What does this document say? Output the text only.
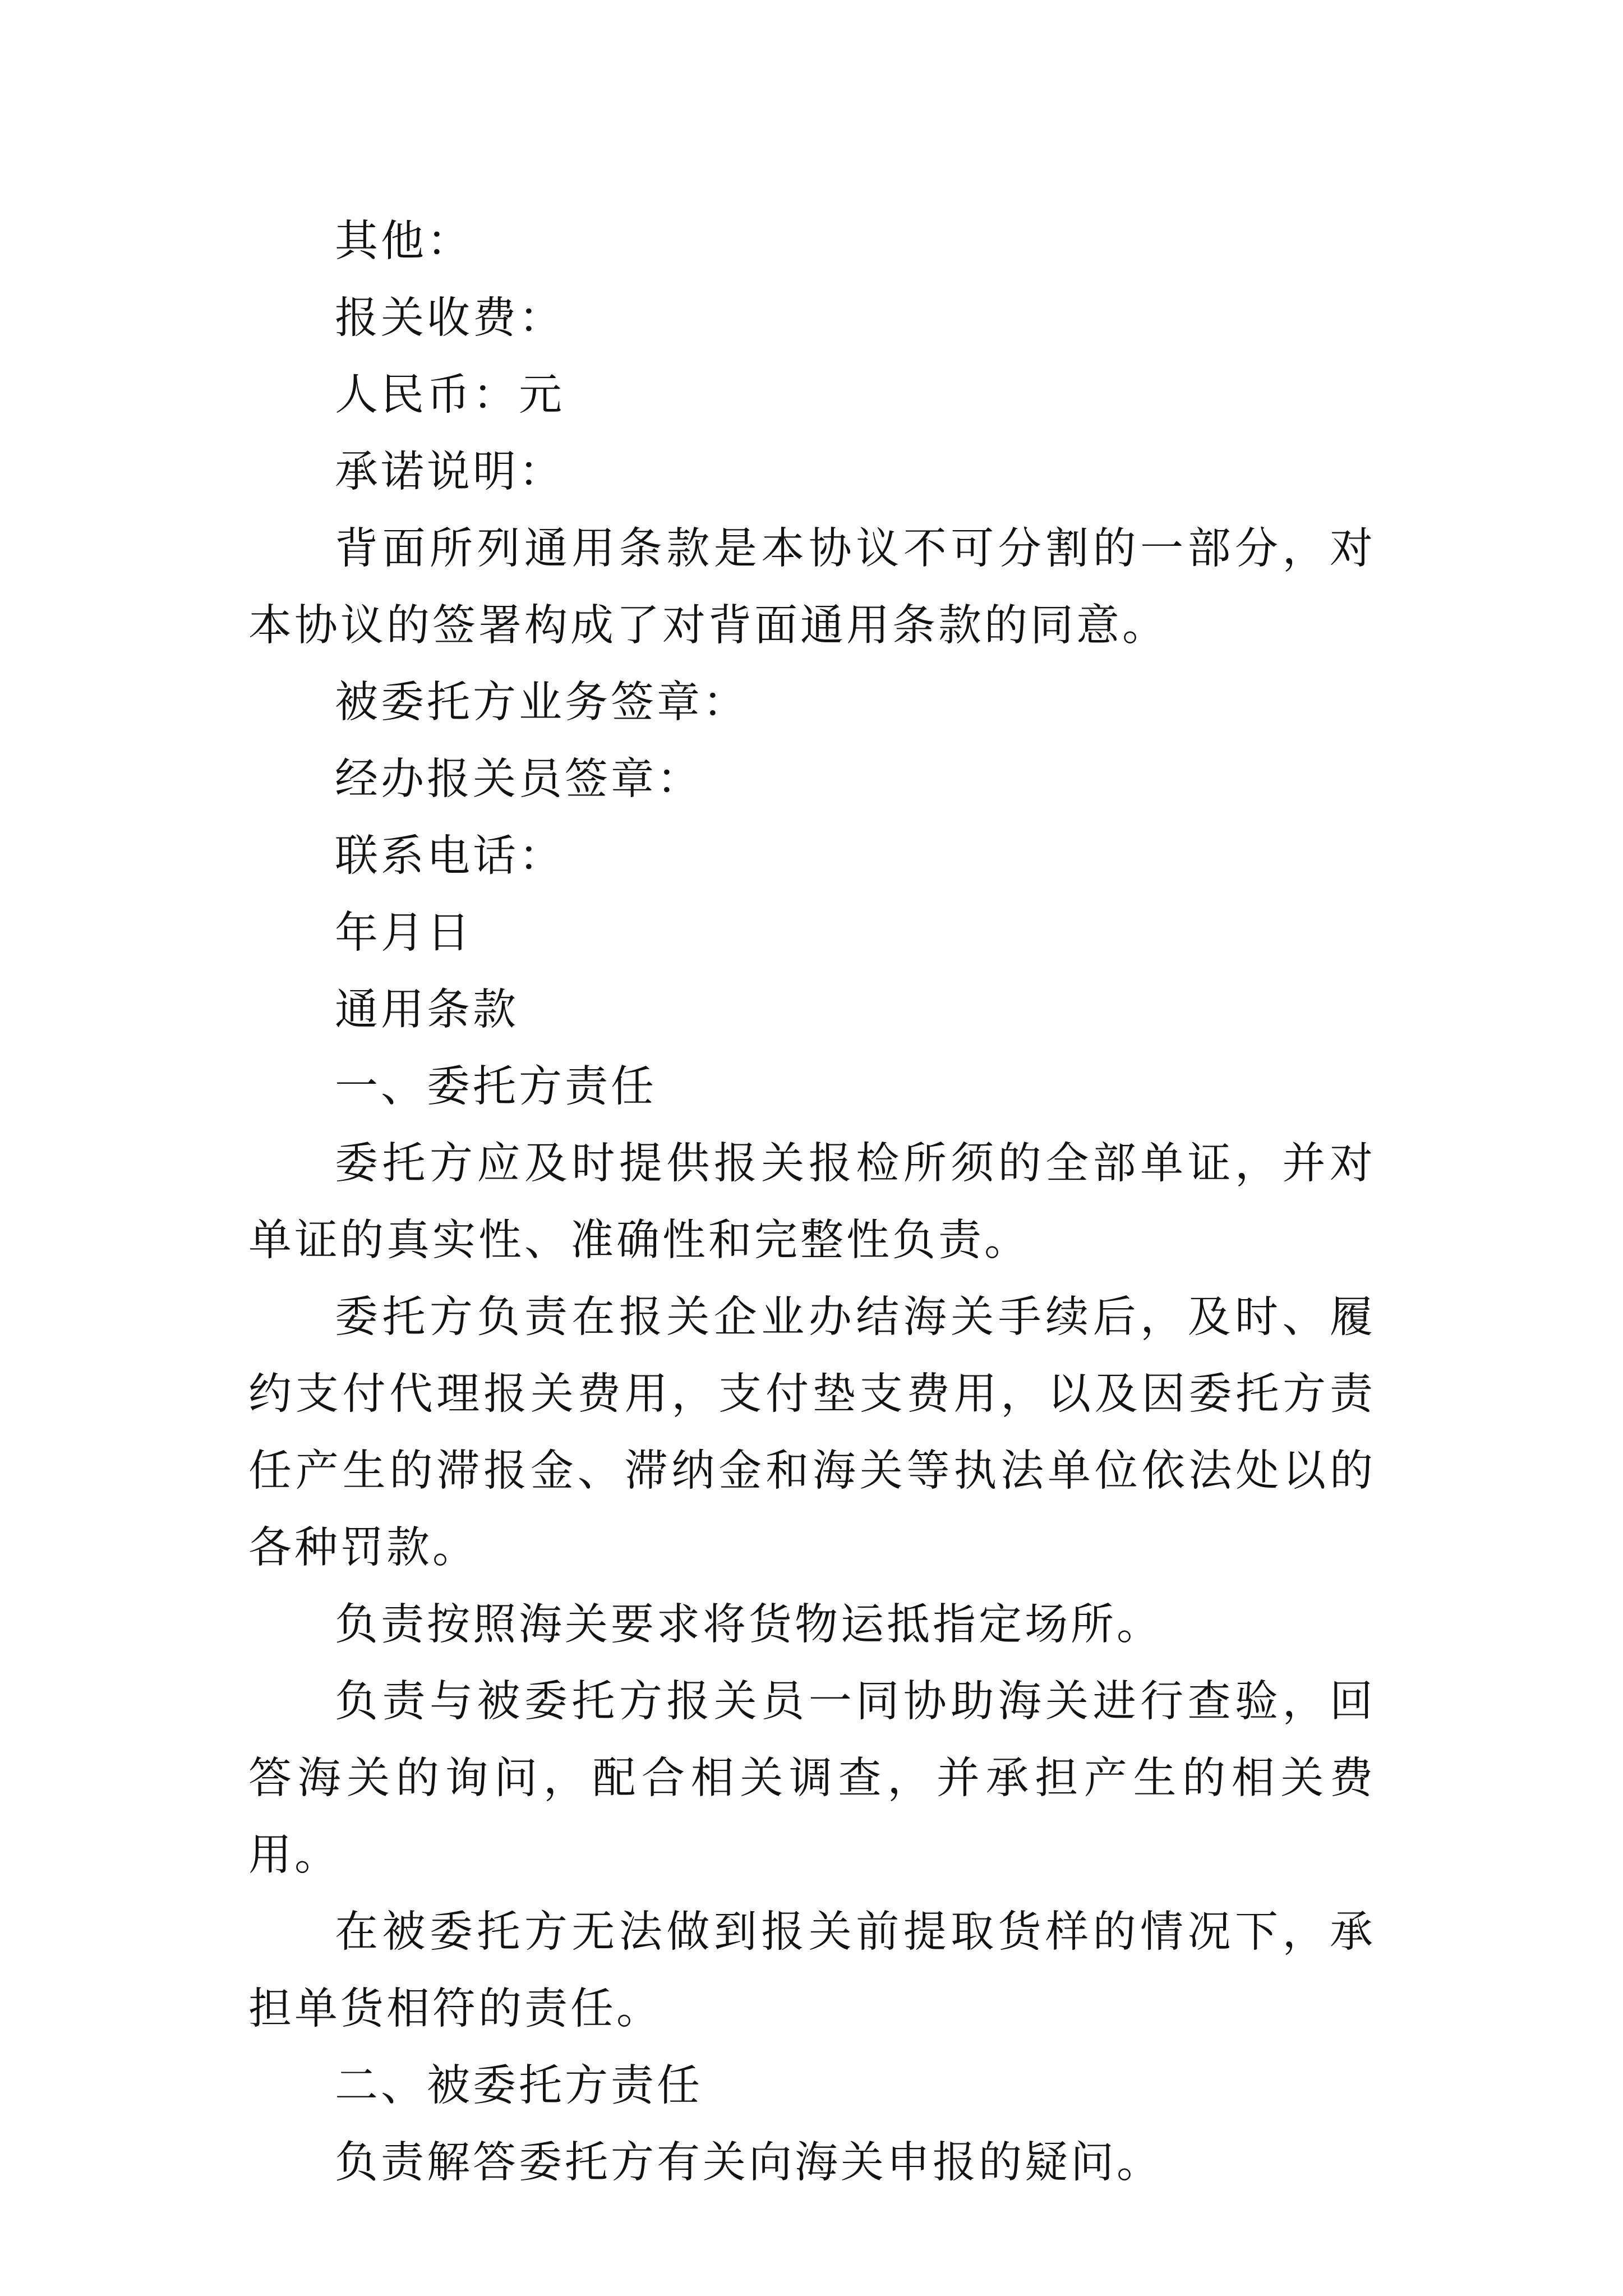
其他：

报关收费：

人民币：元

承诺说明：

背面所列通用条款是本协议不可分割的一部分，对本协议的签署构成了对背面通用条款的同意。

被委托方业务签章：

经办报关员签章：

联系电话：

年月日

通用条款

一、委托方责任

委托方应及时提供报关报检所须的全部单证，并对单证的真实性、准确性和完整性负责。

委托方负责在报关企业办结海关手续后，及时、履约支付代理报关费用，支付垫支费用，以及因委托方责任产生的滞报金、滞纳金和海关等执法单位依法处以的各种罚款。

负责按照海关要求将货物运抵指定场所。

负责与被委托方报关员一同协助海关进行查验，回答海关的询问，配合相关调查，并承担产生的相关费用。

在被委托方无法做到报关前提取货样的情况下，承担单货相符的责任。

二、被委托方责任

负责解答委托方有关向海关申报的疑问。
